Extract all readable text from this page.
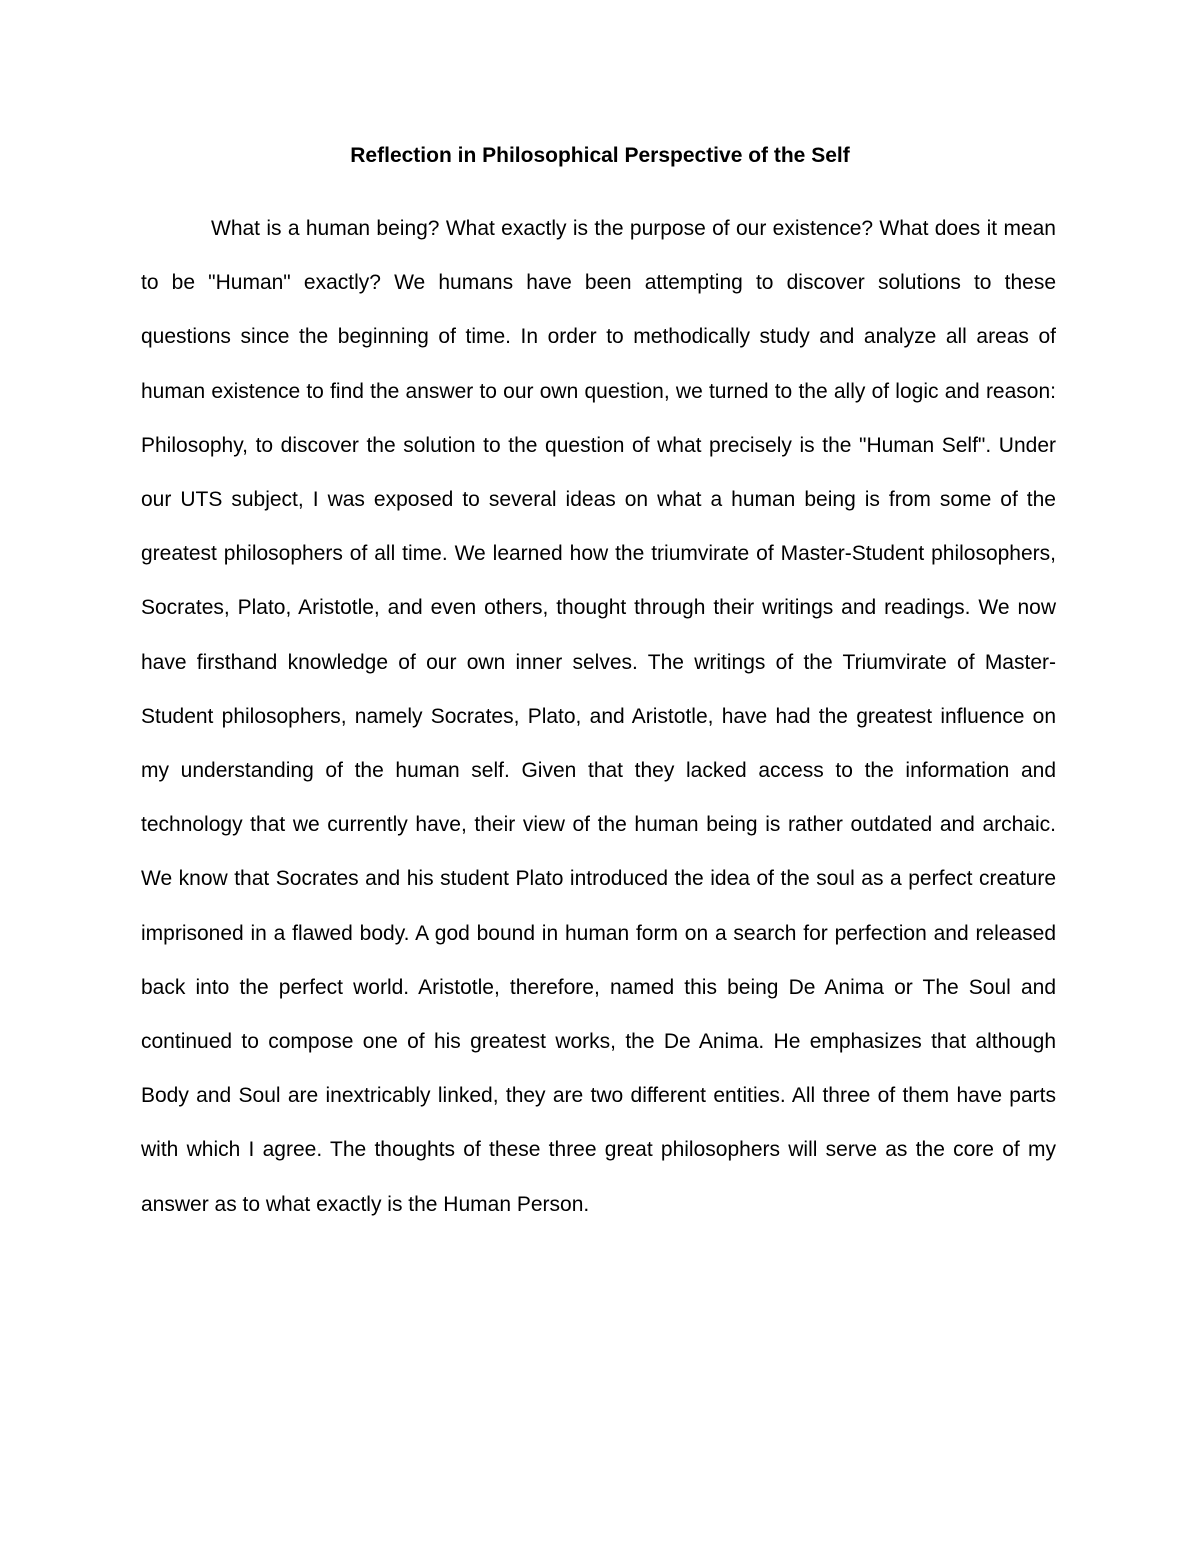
Reflection in Philosophical Perspective of the Self

What is a human being? What exactly is the purpose of our existence? What does it mean to be "Human" exactly? We humans have been attempting to discover solutions to these questions since the beginning of time. In order to methodically study and analyze all areas of human existence to find the answer to our own question, we turned to the ally of logic and reason: Philosophy, to discover the solution to the question of what precisely is the "Human Self". Under our UTS subject, I was exposed to several ideas on what a human being is from some of the greatest philosophers of all time. We learned how the triumvirate of Master-Student philosophers, Socrates, Plato, Aristotle, and even others, thought through their writings and readings. We now have firsthand knowledge of our own inner selves. The writings of the Triumvirate of Master-Student philosophers, namely Socrates, Plato, and Aristotle, have had the greatest influence on my understanding of the human self. Given that they lacked access to the information and technology that we currently have, their view of the human being is rather outdated and archaic. We know that Socrates and his student Plato introduced the idea of the soul as a perfect creature imprisoned in a flawed body. A god bound in human form on a search for perfection and released back into the perfect world. Aristotle, therefore, named this being De Anima or The Soul and continued to compose one of his greatest works, the De Anima. He emphasizes that although Body and Soul are inextricably linked, they are two different entities. All three of them have parts with which I agree. The thoughts of these three great philosophers will serve as the core of my answer as to what exactly is the Human Person.
